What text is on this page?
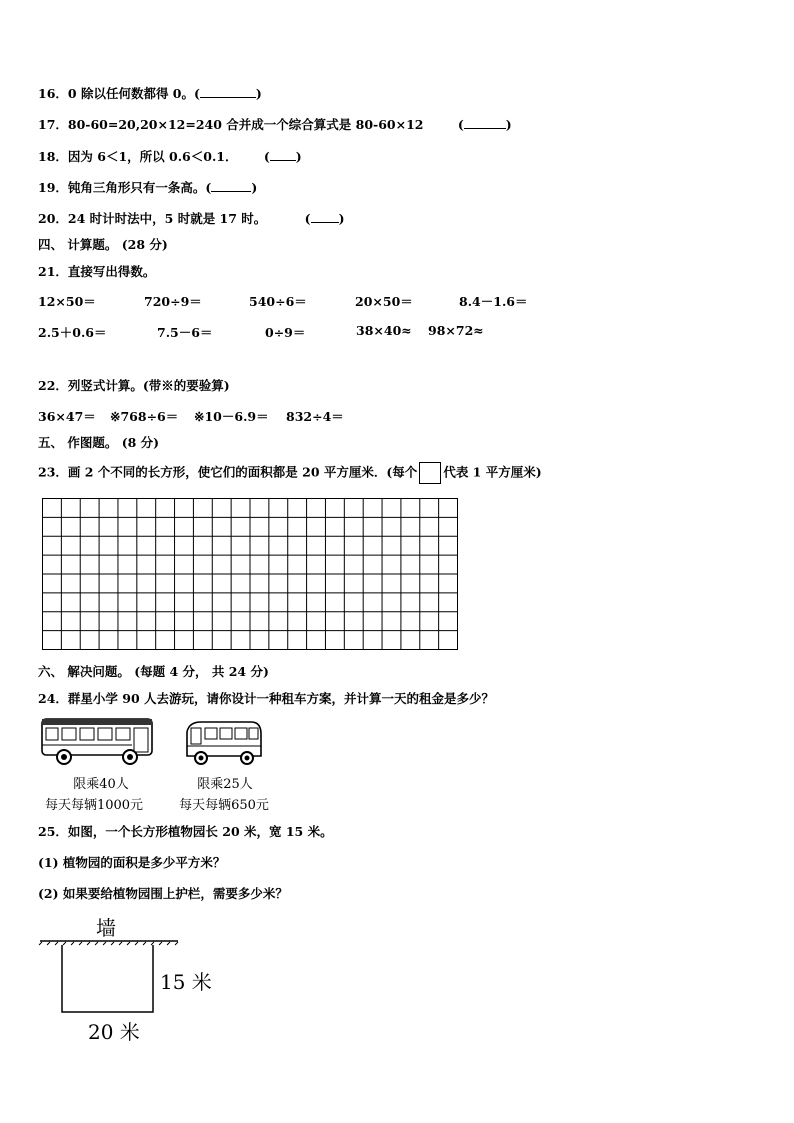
16．0 除以任何数都得 0。(	)
17．80-60=20,20×12=240 合并成一个综合算式是 80-60×12	(	)
18．因为 6＜1，所以 0.6＜0.1． ( )
19．钝角三角形只有一条高。(	)
20．24 时计时法中，5 时就是 17 时。	( )
四、 计算题。 (28 分)
21．直接写出得数。
12×50＝	720÷9＝	540÷6＝	20×50＝	8.4－1.6＝
2.5＋0.6＝	7.5－6＝	0÷9＝	38×40≈ 98×72≈
22．列竖式计算。(带※的要验算)
36×47＝ ※768÷6＝ ※10－6.9＝ 832÷4＝
五、 作图题。 (8 分)
23．画 2 个不同的长方形，使它们的面积都是 20 平方厘米．(每个 代表 1 平方厘米)
六、 解决问题。 (每题 4 分， 共 24 分)
24．群星小学 90 人去游玩，请你设计一种租车方案，并计算一天的租金是多少？
限乘40人
每天每辆1000元
限乘25人
每天每辆650元
25．如图，一个长方形植物园长 20 米，宽 15 米。
(1) 植物园的面积是多少平方米？
(2) 如果要给植物园围上护栏，需要多少米？
墙
15 米
20 米
